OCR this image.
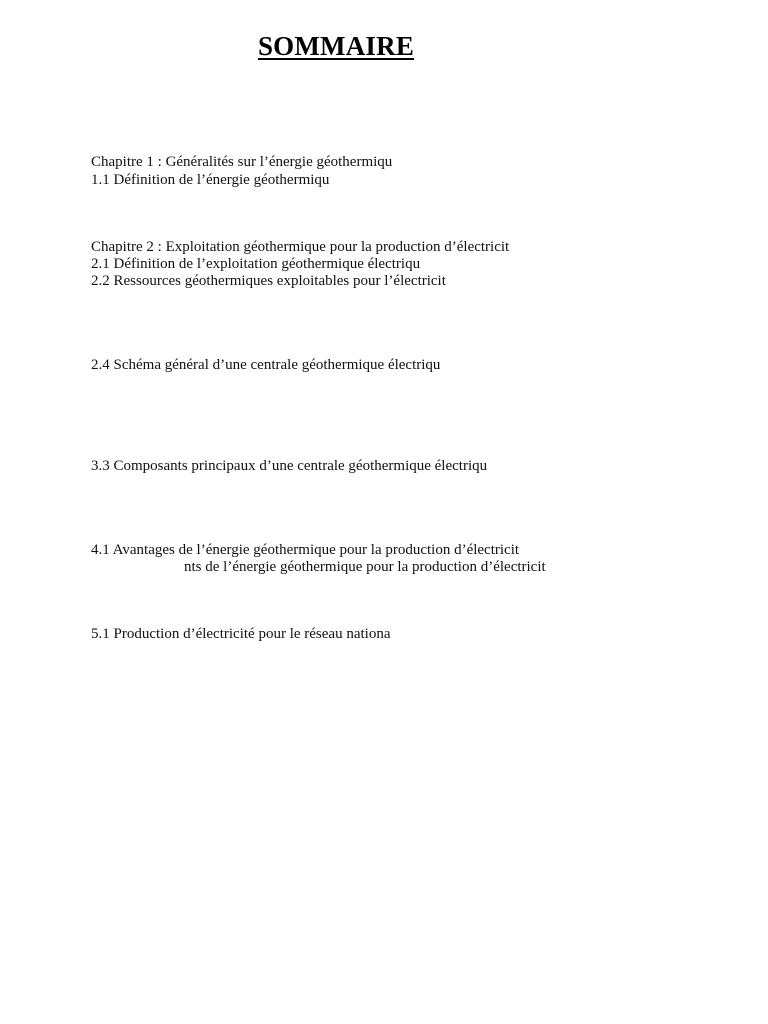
SOMMAIRE
Chapitre 1 : Généralités sur l’énergie géothermiqu
1.1 Définition de l’énergie géothermiqu
Chapitre 2 : Exploitation géothermique pour la production d’électricit
2.1 Définition de l’exploitation géothermique électriqu
2.2 Ressources géothermiques exploitables pour l’électricit
2.4 Schéma général d’une centrale géothermique électriqu
3.3 Composants principaux d’une centrale géothermique électriqu
4.1 Avantages de l’énergie géothermique pour la production d’électricit
nts de l’énergie géothermique pour la production d’électricit
5.1 Production d’électricité pour le réseau nationa
